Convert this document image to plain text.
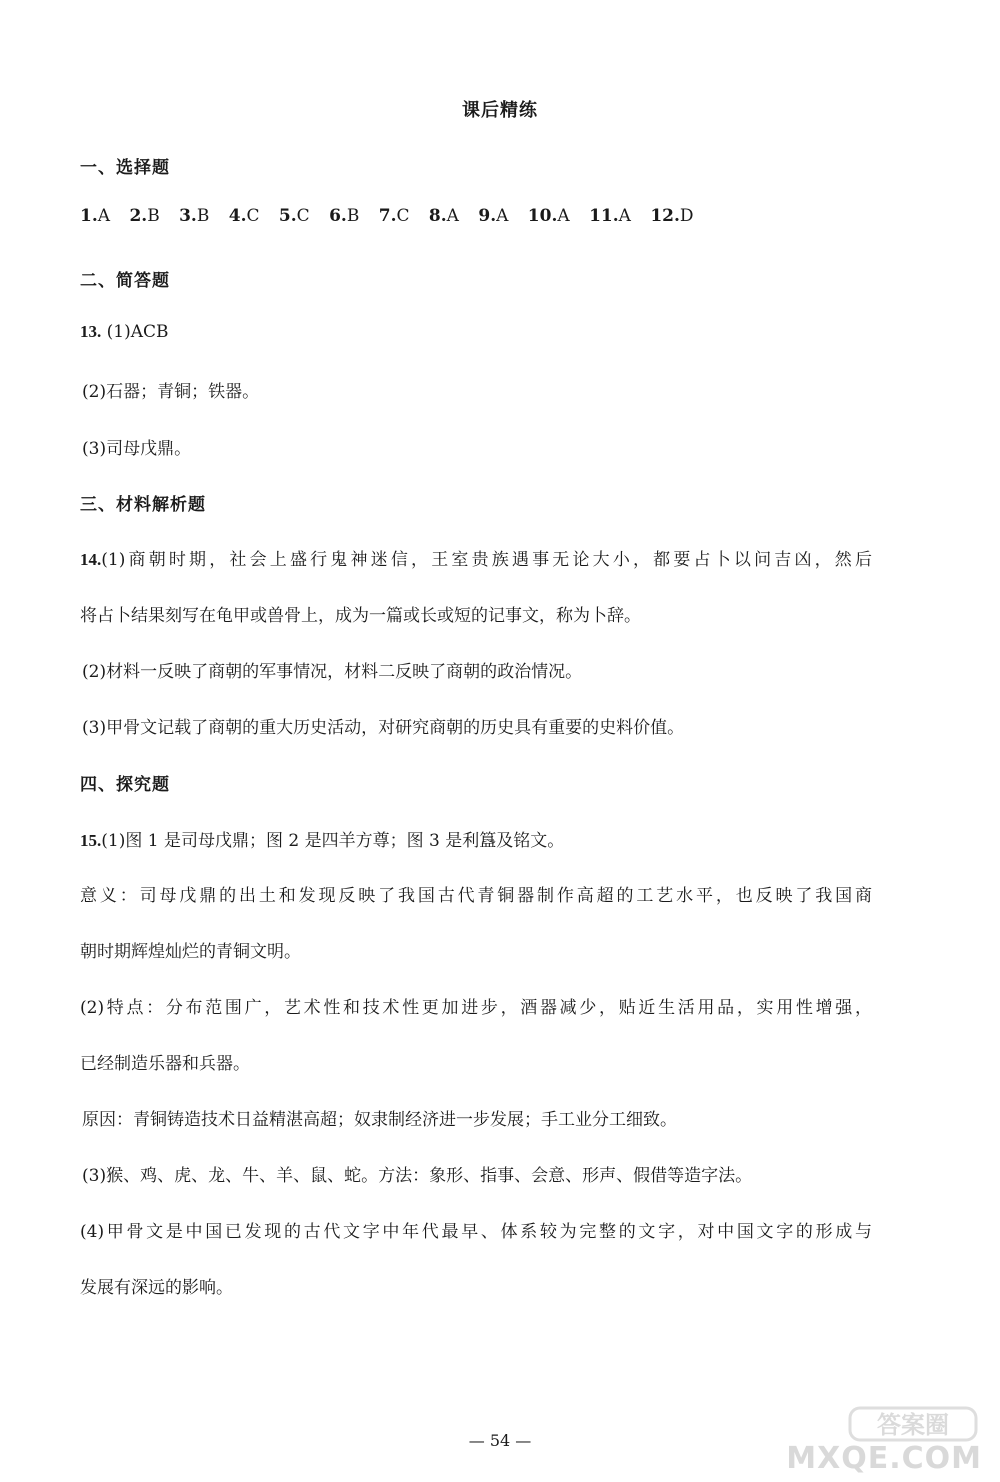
课后精练
一、选择题
1.A 2.B 3.B 4.C 5.C 6.B 7.C 8.A 9.A 10.A 11.A 12.D
二、简答题
13. (1)ACB
(2)石器；青铜；铁器。
(3)司母戊鼎。
三、材料解析题
14.(1)商朝时期，社会上盛行鬼神迷信，王室贵族遇事无论大小，都要占卜以问吉凶，然后
将占卜结果刻写在龟甲或兽骨上，成为一篇或长或短的记事文，称为卜辞。
(2)材料一反映了商朝的军事情况，材料二反映了商朝的政治情况。
(3)甲骨文记载了商朝的重大历史活动，对研究商朝的历史具有重要的史料价值。
四、探究题
15.(1)图 1 是司母戊鼎；图 2 是四羊方尊；图 3 是利簋及铭文。
意义：司母戊鼎的出土和发现反映了我国古代青铜器制作高超的工艺水平，也反映了我国商
朝时期辉煌灿烂的青铜文明。
(2)特点：分布范围广，艺术性和技术性更加进步，酒器减少，贴近生活用品，实用性增强，
已经制造乐器和兵器。
原因：青铜铸造技术日益精湛高超；奴隶制经济进一步发展；手工业分工细致。
(3)猴、鸡、虎、龙、牛、羊、鼠、蛇。方法：象形、指事、会意、形声、假借等造字法。
(4)甲骨文是中国已发现的古代文字中年代最早、体系较为完整的文字，对中国文字的形成与
发展有深远的影响。
— 54 —
答案圈
MXQE.COM
